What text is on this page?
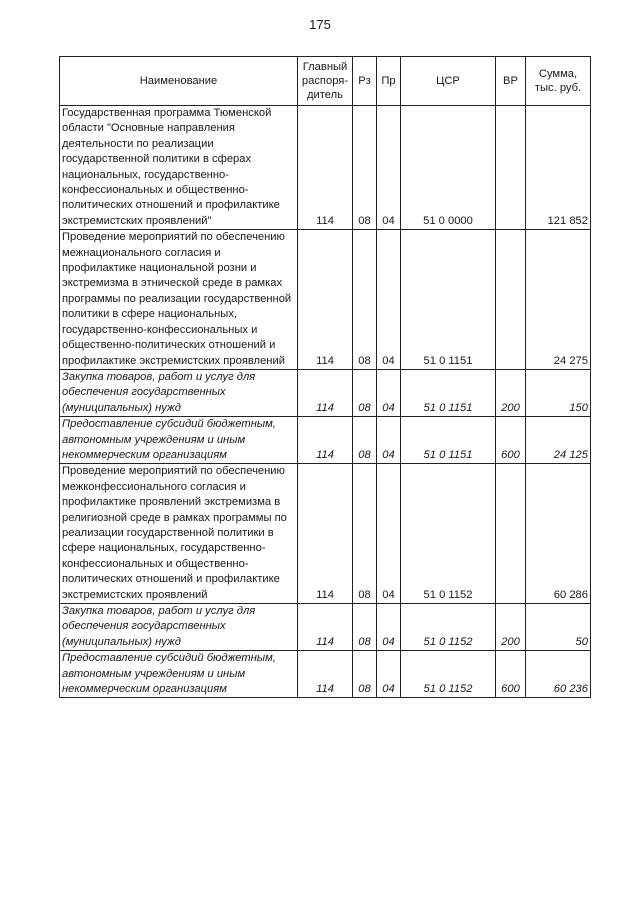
175
Наименование	Главный распоря-дитель	Рз	Пр	ЦСР	ВР	Сумма, тыс. руб.
Государственная программа Тюменской области "Основные направления деятельности по реализации государственной политики в сферах национальных, государственно-конфессиональных и общественно-политических отношений и профилактике экстремистских проявлений"	114	08	04	51 0 0000		121 852
Проведение мероприятий по обеспечению межнационального согласия и профилактике национальной розни и экстремизма в этнической среде в рамках программы по реализации государственной политики в сфере национальных, государственно-конфессиональных и общественно-политических отношений и профилактике экстремистских проявлений	114	08	04	51 0 1151		24 275
Закупка товаров, работ и услуг для обеспечения государственных (муниципальных) нужд	114	08	04	51 0 1151	200	150
Предоставление субсидий бюджетным, автономным учреждениям и иным некоммерческим организациям	114	08	04	51 0 1151	600	24 125
Проведение мероприятий по обеспечению межконфессионального согласия и профилактике проявлений экстремизма в религиозной среде в рамках программы по реализации государственной политики в сфере национальных, государственно-конфессиональных и общественно-политических отношений и профилактике экстремистских проявлений	114	08	04	51 0 1152		60 286
Закупка товаров, работ и услуг для обеспечения государственных (муниципальных) нужд	114	08	04	51 0 1152	200	50
Предоставление субсидий бюджетным, автономным учреждениям и иным некоммерческим организациям	114	08	04	51 0 1152	600	60 236
